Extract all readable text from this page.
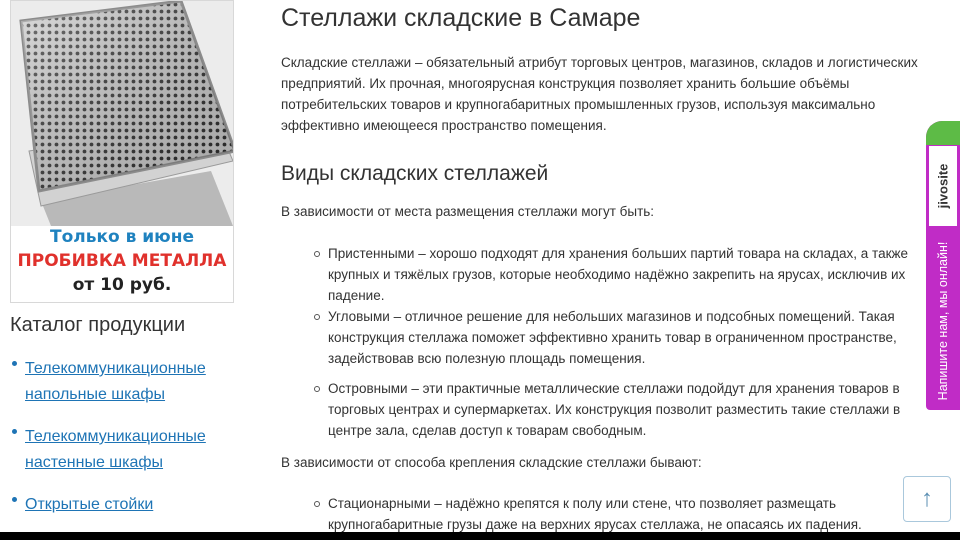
Только в июне
ПРОБИВКА МЕТАЛЛА
от 10 руб.
Каталог продукции
Телекоммуникационные напольные шкафы
Телекоммуникационные настенные шкафы
Открытые стойки
Стеллажи складские в Самаре

Складские стеллажи – обязательный атрибут торговых центров, магазинов, складов и логистических предприятий. Их прочная, многоярусная конструкция позволяет хранить большие объёмы потребительских товаров и крупногабаритных промышленных грузов, используя максимально эффективно имеющееся пространство помещения.

Виды складских стеллажей

В зависимости от места размещения стеллажи могут быть:

Пристенными – хорошо подходят для хранения больших партий товара на складах, а также крупных и тяжёлых грузов, которые необходимо надёжно закрепить на ярусах, исключив их падение.
Угловыми – отличное решение для небольших магазинов и подсобных помещений. Такая конструкция стеллажа поможет эффективно хранить товар в ограниченном пространстве, задействовав всю полезную площадь помещения.
Островными – эти практичные металлические стеллажи подойдут для хранения товаров в торговых центрах и супермаркетах. Их конструкция позволит разместить такие стеллажи в центре зала, сделав доступ к товарам свободным.

В зависимости от способа крепления складские стеллажи бывают:

Стационарными – надёжно крепятся к полу или стене, что позволяет размещать крупногабаритные грузы даже на верхних ярусах стеллажа, не опасаясь их падения.
jivosite
Напишите нам, мы онлайн!
↑
